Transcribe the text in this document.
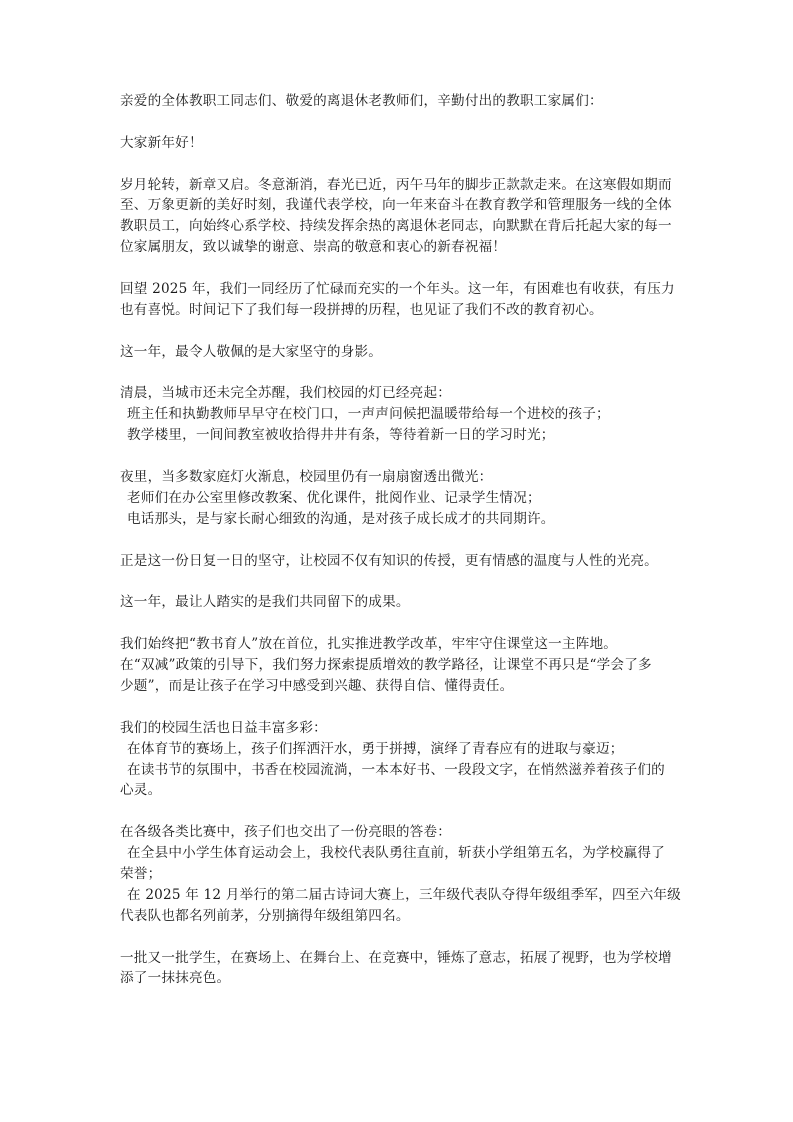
亲爱的全体教职工同志们、敬爱的离退休老教师们，辛勤付出的教职工家属们：
大家新年好！
岁月轮转，新章又启。冬意渐消，春光已近，丙午马年的脚步正款款走来。在这寒假如期而
至、万象更新的美好时刻，我谨代表学校，向一年来奋斗在教育教学和管理服务一线的全体
教职员工，向始终心系学校、持续发挥余热的离退休老同志，向默默在背后托起大家的每一
位家属朋友，致以诚挚的谢意、崇高的敬意和衷心的新春祝福！
回望 2025 年，我们一同经历了忙碌而充实的一个年头。这一年，有困难也有收获，有压力
也有喜悦。时间记下了我们每一段拼搏的历程，也见证了我们不改的教育初心。
这一年，最令人敬佩的是大家坚守的身影。
清晨，当城市还未完全苏醒，我们校园的灯已经亮起：
班主任和执勤教师早早守在校门口，一声声问候把温暖带给每一个进校的孩子；
教学楼里，一间间教室被收拾得井井有条，等待着新一日的学习时光；
夜里，当多数家庭灯火渐息，校园里仍有一扇扇窗透出微光：
老师们在办公室里修改教案、优化课件，批阅作业、记录学生情况；
电话那头，是与家长耐心细致的沟通，是对孩子成长成才的共同期许。
正是这一份日复一日的坚守，让校园不仅有知识的传授，更有情感的温度与人性的光亮。
这一年，最让人踏实的是我们共同留下的成果。
我们始终把“教书育人”放在首位，扎实推进教学改革，牢牢守住课堂这一主阵地。
在“双减”政策的引导下，我们努力探索提质增效的教学路径，让课堂不再只是“学会了多
少题”，而是让孩子在学习中感受到兴趣、获得自信、懂得责任。
我们的校园生活也日益丰富多彩：
在体育节的赛场上，孩子们挥洒汗水，勇于拼搏，演绎了青春应有的进取与豪迈；
在读书节的氛围中，书香在校园流淌，一本本好书、一段段文字，在悄然滋养着孩子们的
心灵。
在各级各类比赛中，孩子们也交出了一份亮眼的答卷：
在全县中小学生体育运动会上，我校代表队勇往直前，斩获小学组第五名，为学校赢得了
荣誉；
在 2025 年 12 月举行的第二届古诗词大赛上，三年级代表队夺得年级组季军，四至六年级
代表队也都名列前茅，分别摘得年级组第四名。
一批又一批学生，在赛场上、在舞台上、在竞赛中，锤炼了意志，拓展了视野，也为学校增
添了一抹抹亮色。
